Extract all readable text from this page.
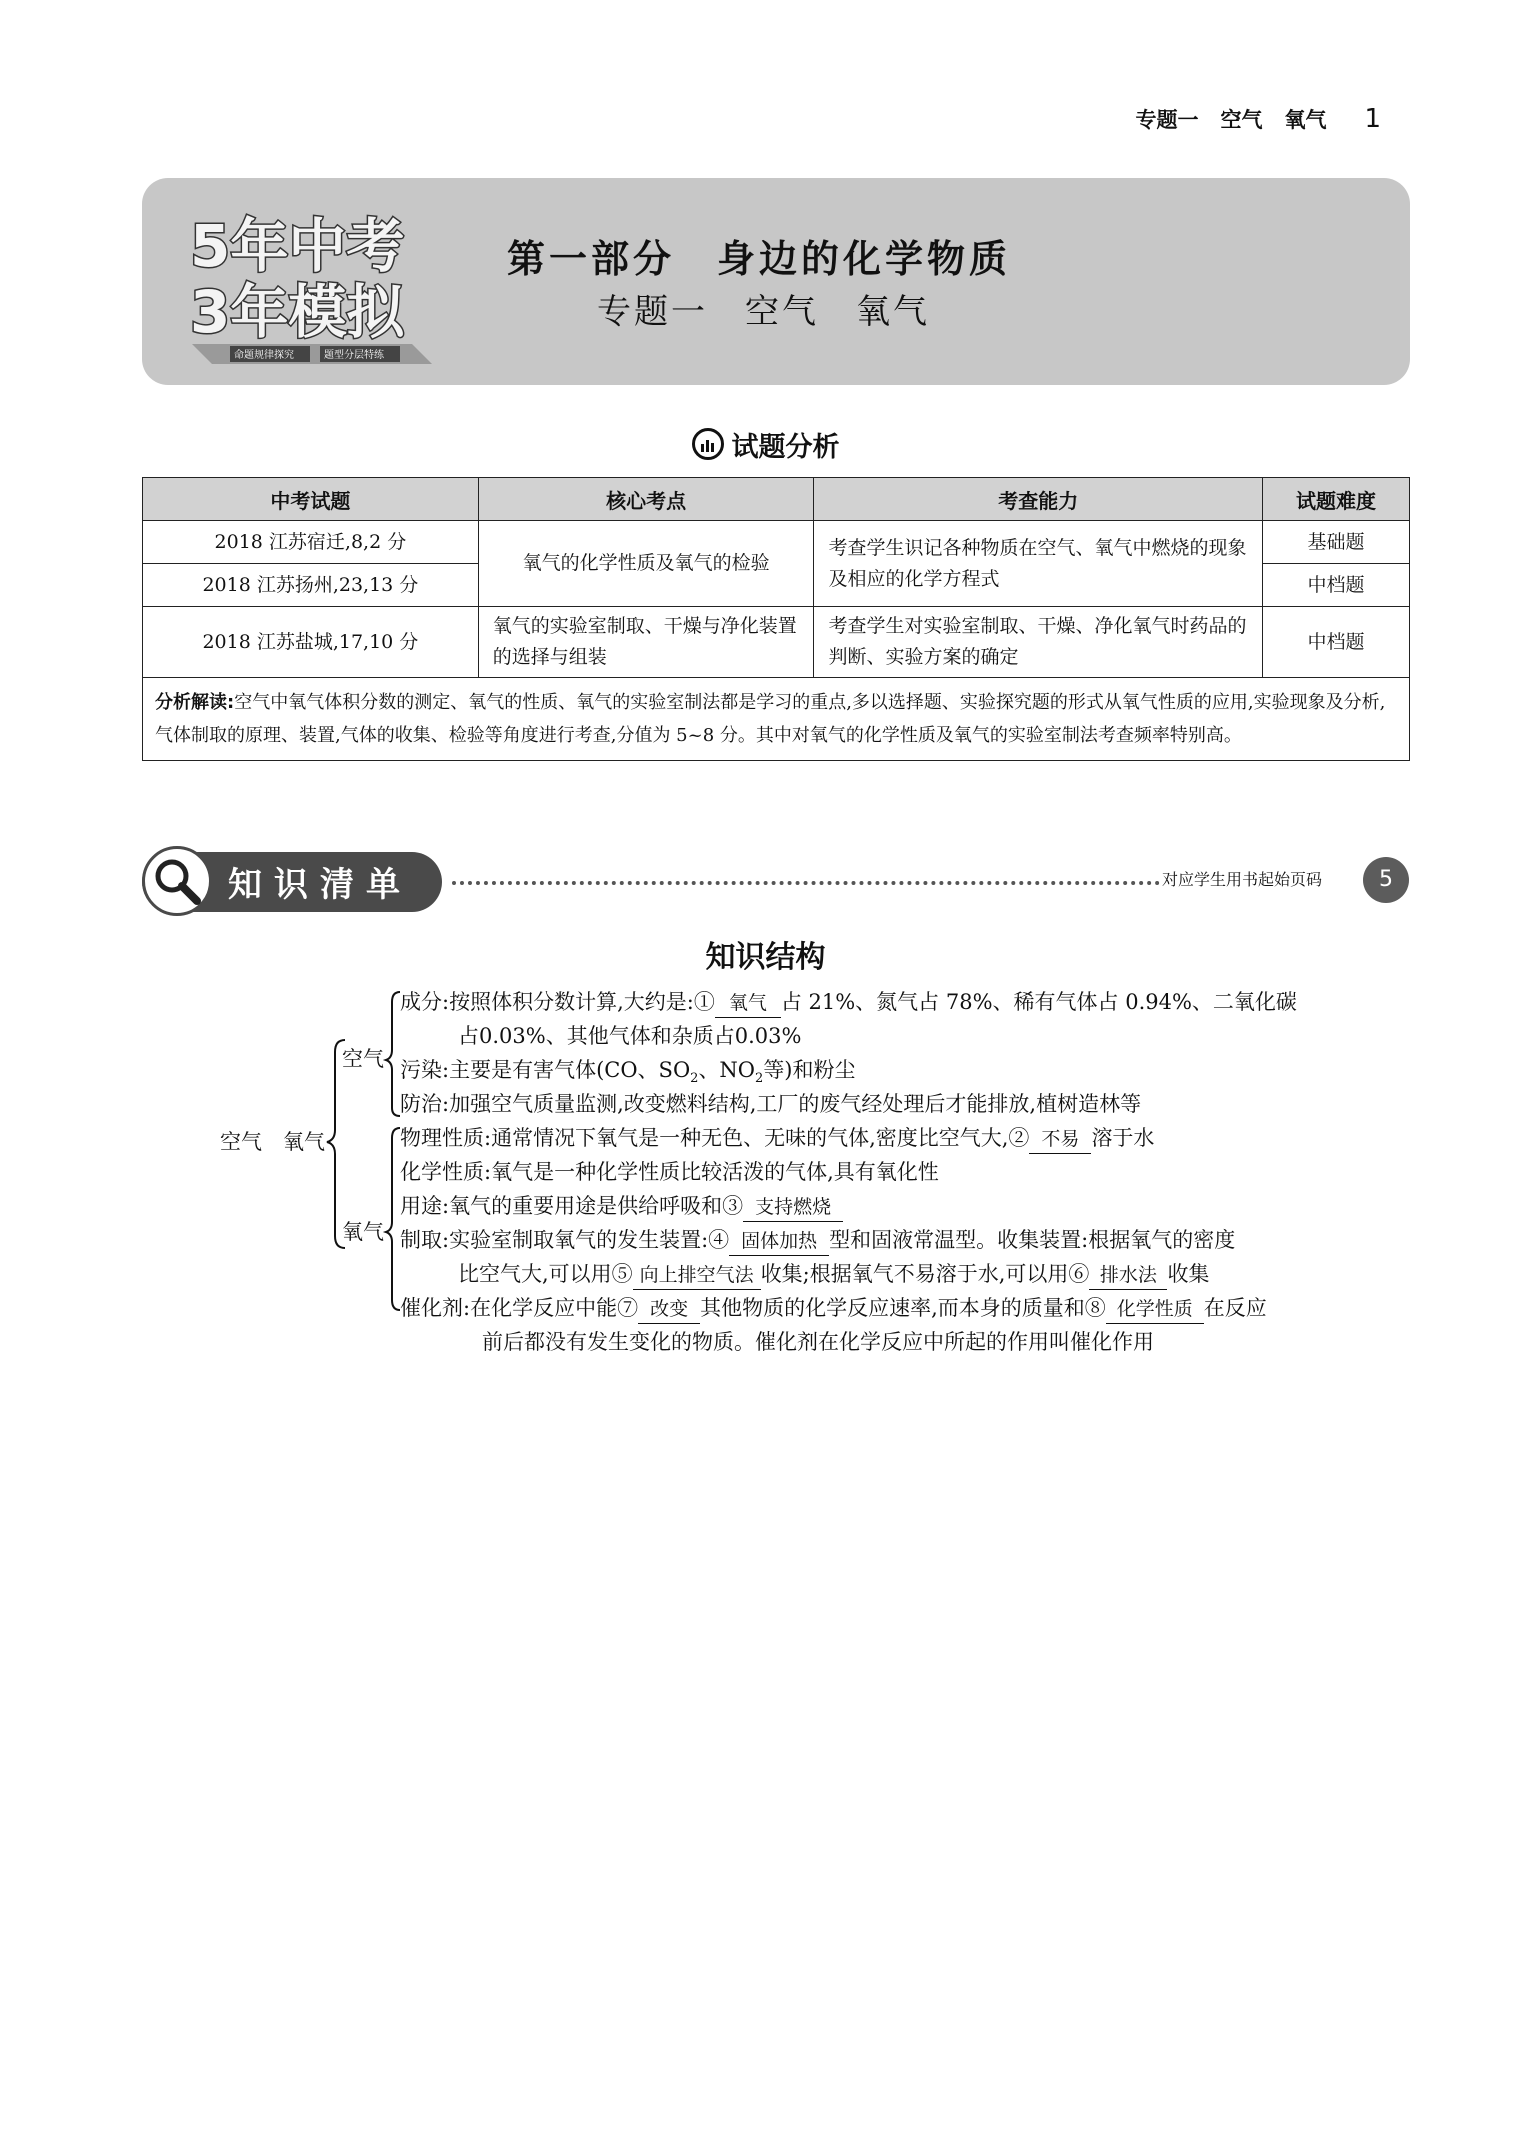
专题一 空气 氧气 1
5年中考
3年模拟
命题规律探究	题型分层特练
第一部分　身边的化学物质
专题一　空气　氧气
试题分析
中考试题	核心考点	考查能力	试题难度
2018 江苏宿迁,8,2 分	氧气的化学性质及氧气的检验	考查学生识记各种物质在空气、氧气中燃烧的现象及相应的化学方程式	基础题
2018 江苏扬州,23,13 分			中档题
2018 江苏盐城,17,10 分	氧气的实验室制取、干燥与净化装置的选择与组装	考查学生对实验室制取、干燥、净化氧气时药品的判断、实验方案的确定	中档题
分析解读:空气中氧气体积分数的测定、氧气的性质、氧气的实验室制法都是学习的重点,多以选择题、实验探究题的形式从氧气性质的应用,实验现象及分析,气体制取的原理、装置,气体的收集、检验等角度进行考查,分值为 5~8 分。其中对氧气的化学性质及氧气的实验室制法考查频率特别高。			
知识清单	对应学生用书起始页码	5
知识结构
空气　氧气
空气
氧气
成分:按照体积分数计算,大约是:① 氧气 占 21%、氮气占 78%、稀有气体占 0.94%、二氧化碳
占0.03%、其他气体和杂质占0.03%
污染:主要是有害气体(CO、$SO_2$、$NO_2$等)和粉尘
防治:加强空气质量监测,改变燃料结构,工厂的废气经处理后才能排放,植树造林等
物理性质:通常情况下氧气是一种无色、无味的气体,密度比空气大,② 不易 溶于水
化学性质:氧气是一种化学性质比较活泼的气体,具有氧化性
用途:氧气的重要用途是供给呼吸和③ 支持燃烧
制取:实验室制取氧气的发生装置:④ 固体加热 型和固液常温型。收集装置:根据氧气的密度
比空气大,可以用⑤ 向上排空气法 收集;根据氧气不易溶于水,可以用⑥ 排水法 收集
催化剂:在化学反应中能⑦ 改变 其他物质的化学反应速率,而本身的质量和⑧ 化学性质 在反应
前后都没有发生变化的物质。催化剂在化学反应中所起的作用叫催化作用
